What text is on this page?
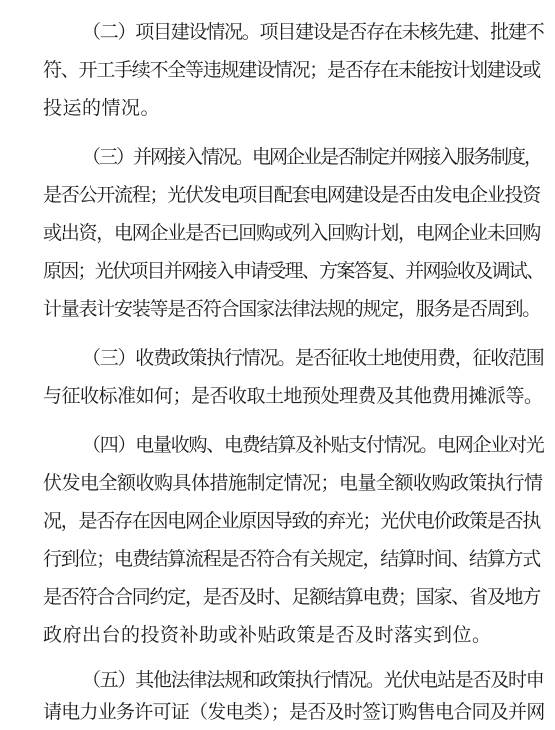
（二）项目建设情况。项目建设是否存在未核先建、批建不
符、开工手续不全等违规建设情况；是否存在未能按计划建设或
投运的情况。
（三）并网接入情况。电网企业是否制定并网接入服务制度，
是否公开流程；光伏发电项目配套电网建设是否由发电企业投资
或出资，电网企业是否已回购或列入回购计划，电网企业未回购
原因；光伏项目并网接入申请受理、方案答复、并网验收及调试、
计量表计安装等是否符合国家法律法规的规定，服务是否周到。
（三）收费政策执行情况。是否征收土地使用费，征收范围
与征收标准如何；是否收取土地预处理费及其他费用摊派等。
（四）电量收购、电费结算及补贴支付情况。电网企业对光
伏发电全额收购具体措施制定情况；电量全额收购政策执行情
况，是否存在因电网企业原因导致的弃光；光伏电价政策是否执
行到位；电费结算流程是否符合有关规定，结算时间、结算方式
是否符合合同约定，是否及时、足额结算电费；国家、省及地方
政府出台的投资补助或补贴政策是否及时落实到位。
（五）其他法律法规和政策执行情况。光伏电站是否及时申
请电力业务许可证（发电类）；是否及时签订购售电合同及并网
